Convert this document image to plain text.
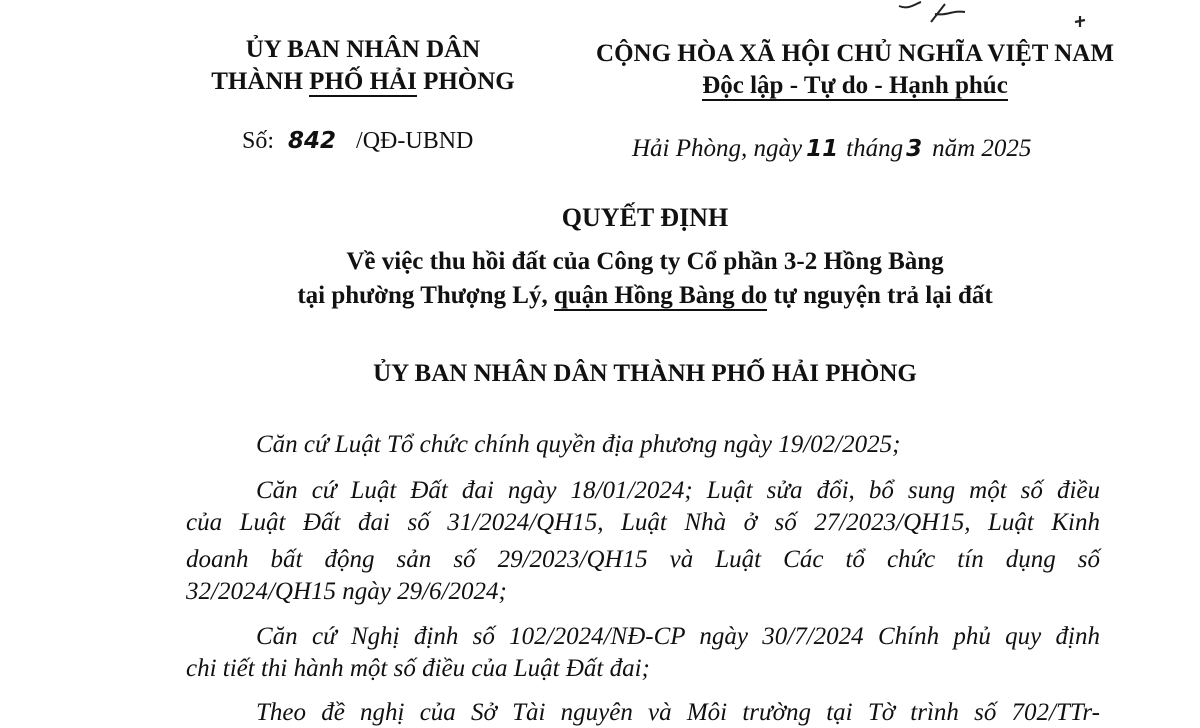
ỦY BAN NHÂN DÂN
THÀNH PHỐ HẢI PHÒNG
CỘNG HÒA XÃ HỘI CHỦ NGHĨA VIỆT NAM
Độc lập - Tự do - Hạnh phúc
Số: 842 /QĐ-UBND	Hải Phòng, ngày 11 tháng 3 năm 2025
QUYẾT ĐỊNH
Về việc thu hồi đất của Công ty Cổ phần 3-2 Hồng Bàng
tại phường Thượng Lý, quận Hồng Bàng do tự nguyện trả lại đất
ỦY BAN NHÂN DÂN THÀNH PHỐ HẢI PHÒNG
Căn cứ Luật Tổ chức chính quyền địa phương ngày 19/02/2025;
Căn cứ Luật Đất đai ngày 18/01/2024; Luật sửa đổi, bổ sung một số điều
của Luật Đất đai số 31/2024/QH15, Luật Nhà ở số 27/2023/QH15, Luật Kinh
doanh bất động sản số 29/2023/QH15 và Luật Các tổ chức tín dụng số
32/2024/QH15 ngày 29/6/2024;
Căn cứ Nghị định số 102/2024/NĐ-CP ngày 30/7/2024 Chính phủ quy định
chi tiết thi hành một số điều của Luật Đất đai;
Theo đề nghị của Sở Tài nguyên và Môi trường tại Tờ trình số 702/TTr-
